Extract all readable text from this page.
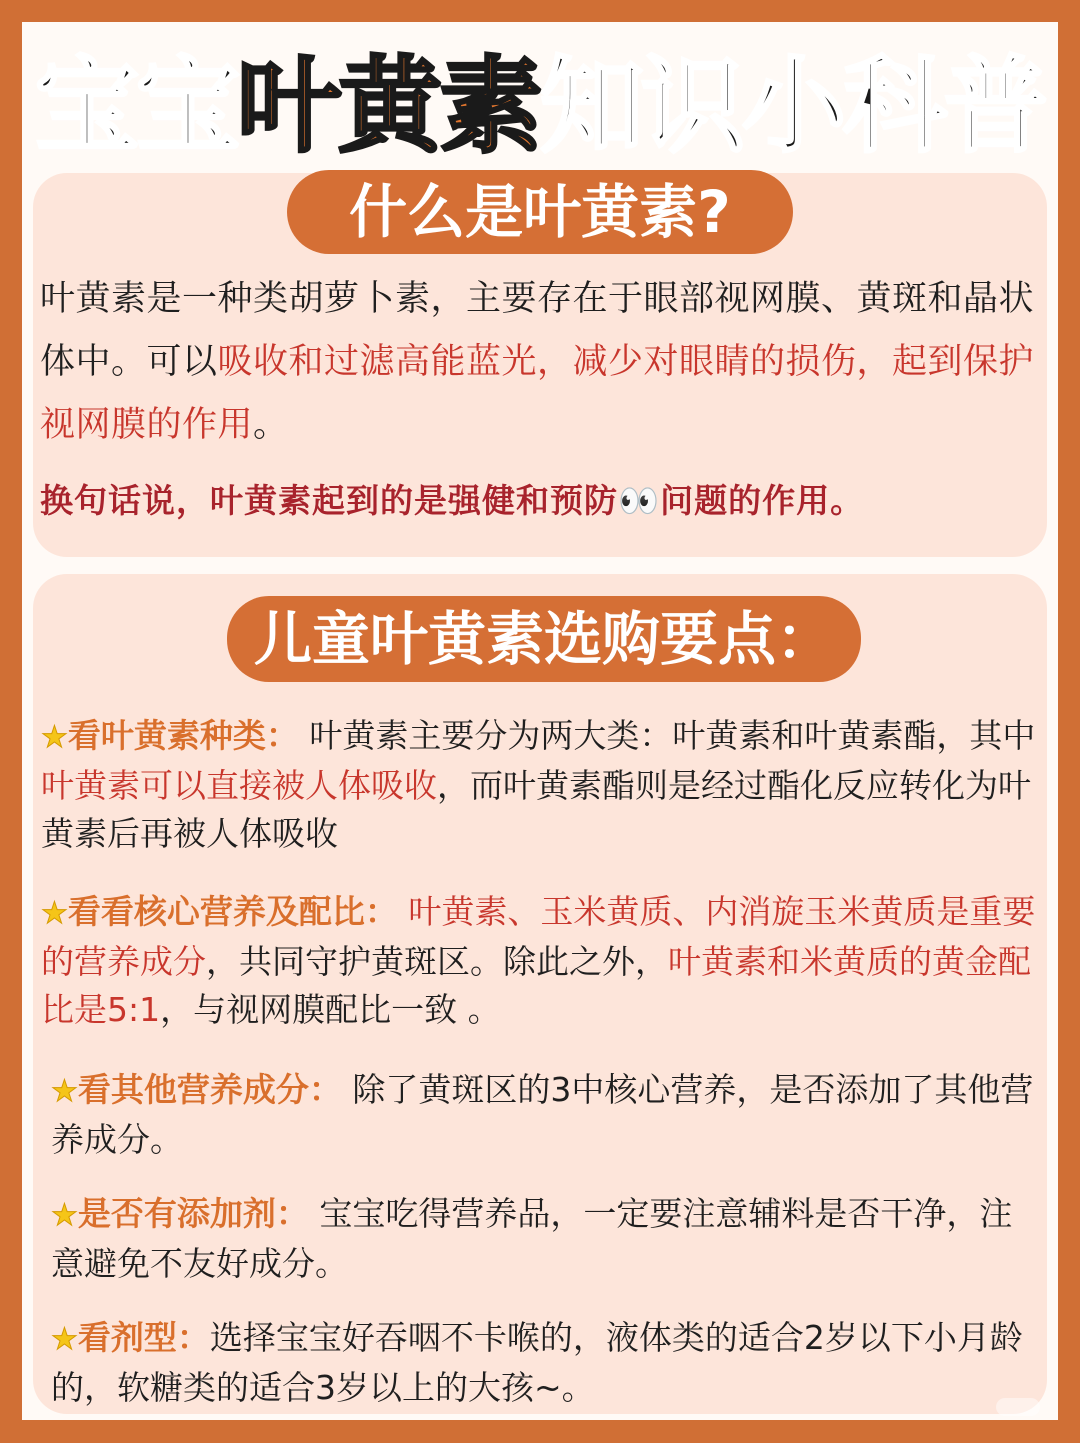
宝宝叶黄素知识小科普
什么是叶黄素?
叶黄素是一种类胡萝卜素，主要存在于眼部视网膜、黄斑和晶状体中。可以吸收和过滤高能蓝光，减少对眼睛的损伤，起到保护视网膜的作用。
换句话说，叶黄素起到的是强健和预防👀问题的作用。
儿童叶黄素选购要点：
★看叶黄素种类： 叶黄素主要分为两大类：叶黄素和叶黄素酯，其中叶黄素可以直接被人体吸收，而叶黄素酯则是经过酯化反应转化为叶黄素后再被人体吸收
★看看核心营养及配比： 叶黄素、玉米黄质、内消旋玉米黄质是重要的营养成分，共同守护黄斑区。除此之外，叶黄素和米黄质的黄金配比是5:1，与视网膜配比一致 。
★看其他营养成分： 除了黄斑区的3中核心营养，是否添加了其他营养成分。
★是否有添加剂： 宝宝吃得营养品，一定要注意辅料是否干净，注意避免不友好成分。
★看剂型：选择宝宝好吞咽不卡喉的，液体类的适合2岁以下小月龄的，软糖类的适合3岁以上的大孩~。
